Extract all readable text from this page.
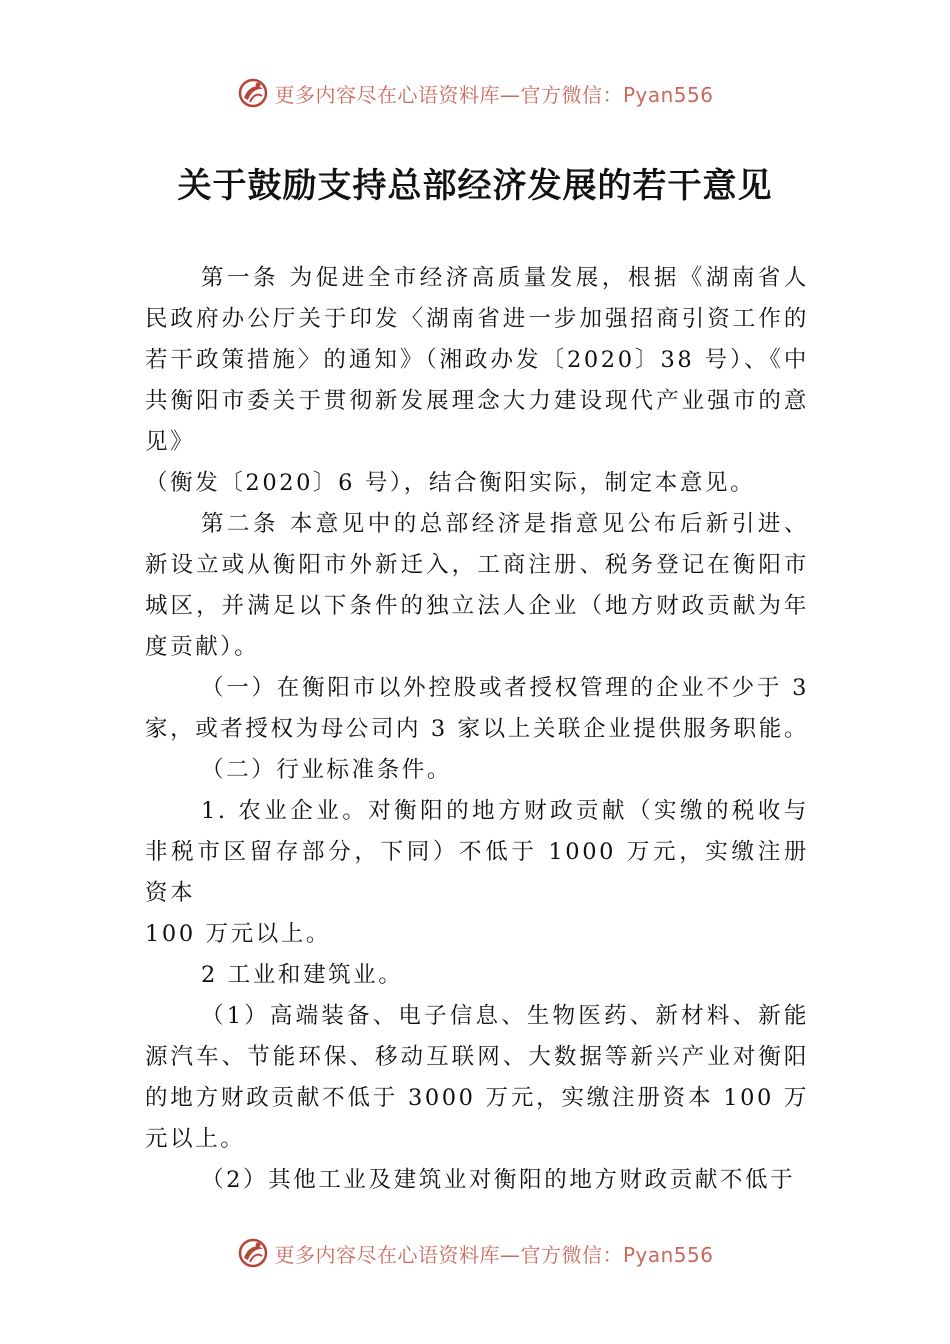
更多内容尽在心语资料库—官方微信：Pyan556
关于鼓励支持总部经济发展的若干意见

第一条 为促进全市经济高质量发展，根据《湖南省人民政府办公厅关于印发〈湖南省进一步加强招商引资工作的若干政策措施〉的通知》（湘政办发〔2020〕38 号）、《中共衡阳市委关于贯彻新发展理念大力建设现代产业强市的意见》

（衡发〔2020〕6 号），结合衡阳实际，制定本意见。

第二条 本意见中的总部经济是指意见公布后新引进、新设立或从衡阳市外新迁入，工商注册、税务登记在衡阳市城区，并满足以下条件的独立法人企业（地方财政贡献为年度贡献）。

（一）在衡阳市以外控股或者授权管理的企业不少于 3 家，或者授权为母公司内 3 家以上关联企业提供服务职能。

（二）行业标准条件。

1. 农业企业。对衡阳的地方财政贡献（实缴的税收与非税市区留存部分，下同）不低于 1000 万元，实缴注册资本

100 万元以上。

2 工业和建筑业。

（1）高端装备、电子信息、生物医药、新材料、新能源汽车、节能环保、移动互联网、大数据等新兴产业对衡阳的地方财政贡献不低于 3000 万元，实缴注册资本 100 万元以上。

（2）其他工业及建筑业对衡阳的地方财政贡献不低于

更多内容尽在心语资料库—官方微信：Pyan556
